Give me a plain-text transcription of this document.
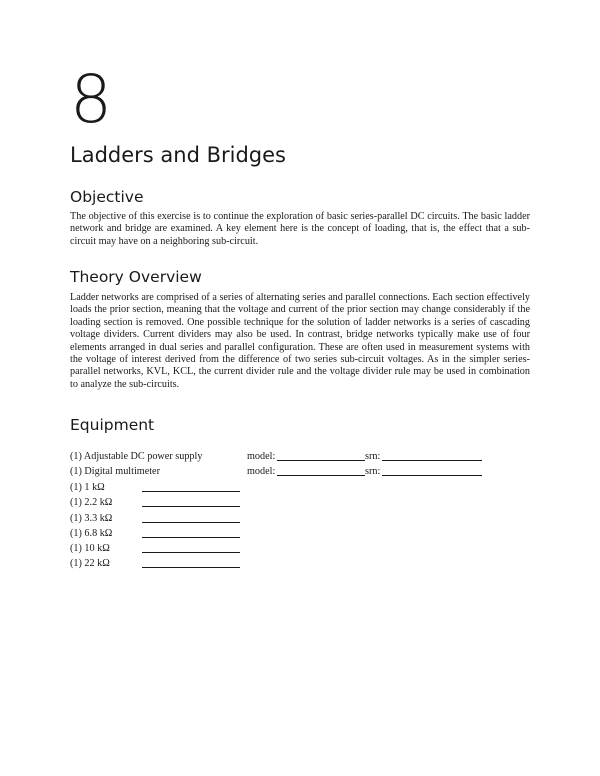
8
Ladders and Bridges
Objective

The objective of this exercise is to continue the exploration of basic series-parallel DC circuits. The basic ladder network and bridge are examined. A key element here is the concept of loading, that is, the effect that a sub-circuit may have on a neighboring sub-circuit.

Theory Overview

Ladder networks are comprised of a series of alternating series and parallel connections. Each section effectively loads the prior section, meaning that the voltage and current of the prior section may change considerably if the loading section is removed. One possible technique for the solution of ladder networks is a series of cascading voltage dividers. Current dividers may also be used. In contrast, bridge networks typically make use of four elements arranged in dual series and parallel configuration. These are often used in measurement systems with the voltage of interest derived from the difference of two series sub-circuit voltages. As in the simpler series-parallel networks, KVL, KCL, the current divider rule and the voltage divider rule may be used in combination to analyze the sub-circuits.

Equipment
(1) Adjustable DC power supply	model:	srn:
(1) Digital multimeter	model:	srn:
(1) 1 kΩ
(1) 2.2 kΩ
(1) 3.3 kΩ
(1) 6.8 kΩ
(1) 10 kΩ
(1) 22 kΩ
